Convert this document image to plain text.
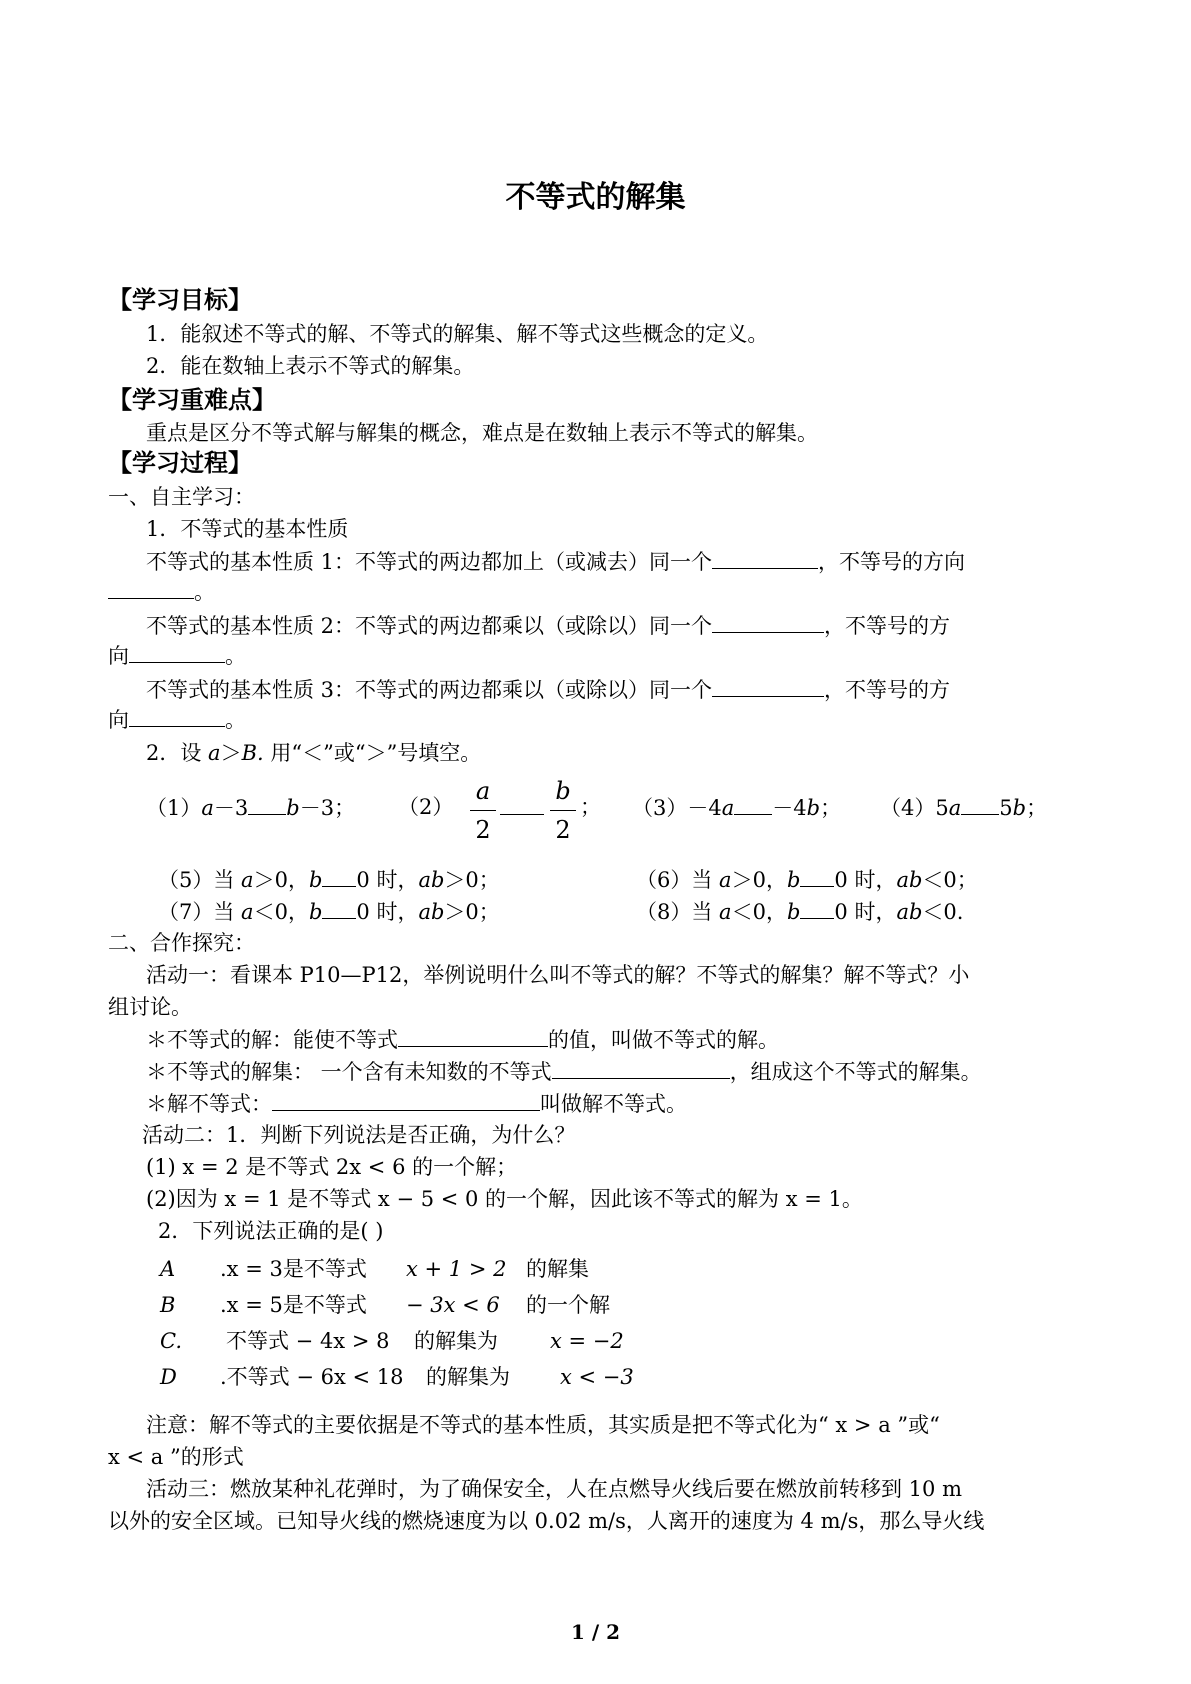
不等式的解集
【学习目标】
1．能叙述不等式的解、不等式的解集、解不等式这些概念的定义。
2．能在数轴上表示不等式的解集。
【学习重难点】
重点是区分不等式解与解集的概念，难点是在数轴上表示不等式的解集。
【学习过程】
一、自主学习：
1．不等式的基本性质
不等式的基本性质 1：不等式的两边都加上（或减去）同一个	，不等号的方向
。
不等式的基本性质 2：不等式的两边都乘以（或除以）同一个	，不等号的方
向	。
不等式的基本性质 3：不等式的两边都乘以（或除以）同一个	，不等号的方
向	。
2．设 a＞B. 用“＜”或“＞”号填空。
（1）a－3 b－3； （2）
a
2
b
2
； （3）－4a －4b； （4）5a 5b；
（5）当 a＞0，b 0 时，ab＞0；	（6）当 a＞0，b 0 时，ab＜0；
（7）当 a＜0，b 0 时，ab＞0；	（8）当 a＜0，b 0 时，ab＜0.
二、合作探究：
活动一：看课本 P10—P12，举例说明什么叫不等式的解？不等式的解集？解不等式？小
组讨论。
＊不等式的解：能使不等式	的值，叫做不等式的解。
＊不等式的解集： 一个含有未知数的不等式	，组成这个不等式的解集。
＊解不等式：	叫做解不等式。
活动二：1．判断下列说法是否正确，为什么？
(1) x = 2 是不等式 2x < 6 的一个解；
(2)因为 x = 1 是不等式 x − 5 < 0 的一个解，因此该不等式的解为 x = 1。
2．下列说法正确的是( )
A .x = 3是不等式 x + 1 > 2 的解集
B .x = 5是不等式 − 3x < 6 的一个解
C. 不等式 − 4x > 8 的解集为 x = −2
D .不等式 − 6x < 18 的解集为 x < −3
注意：解不等式的主要依据是不等式的基本性质，其实质是把不等式化为“ x > a ”或“
x < a ”的形式
活动三：燃放某种礼花弹时，为了确保安全，人在点燃导火线后要在燃放前转移到 10 m
以外的安全区域。已知导火线的燃烧速度为以 0.02 m/s，人离开的速度为 4 m/s，那么导火线
1 / 2
